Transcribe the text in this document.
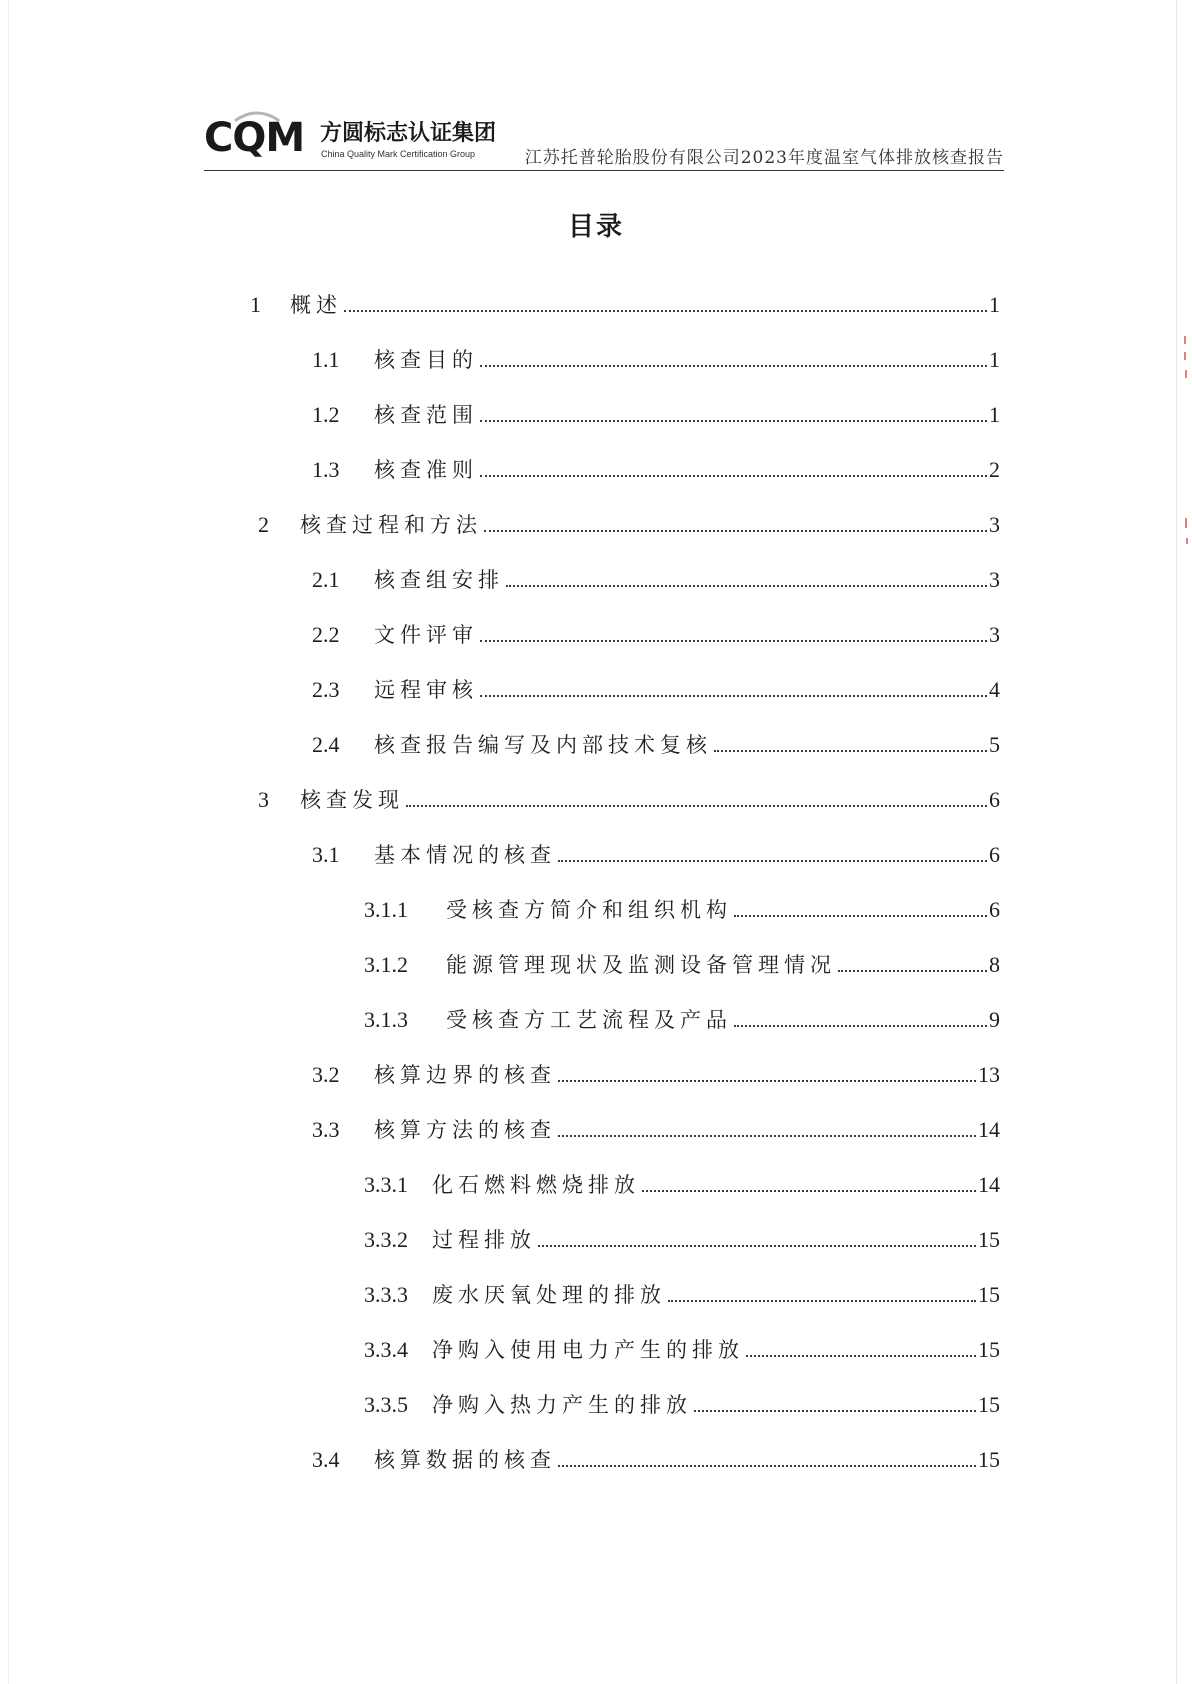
CQM 方圆标志认证集团
China Quality Mark Certification Group	江苏托普轮胎股份有限公司2023年度温室气体排放核查报告
目录
1	概述	1
1.1	核查目的	1
1.2	核查范围	1
1.3	核查准则	2
2	核查过程和方法	3
2.1	核查组安排	3
2.2	文件评审	3
2.3	远程审核	4
2.4	核查报告编写及内部技术复核	5
3	核查发现	6
3.1	基本情况的核查	6
3.1.1	受核查方简介和组织机构	6
3.1.2	能源管理现状及监测设备管理情况	8
3.1.3	受核查方工艺流程及产品	9
3.2	核算边界的核查	13
3.3	核算方法的核查	14
3.3.1	化石燃料燃烧排放	14
3.3.2	过程排放	15
3.3.3	废水厌氧处理的排放	15
3.3.4	净购入使用电力产生的排放	15
3.3.5	净购入热力产生的排放	15
3.4	核算数据的核查	15
